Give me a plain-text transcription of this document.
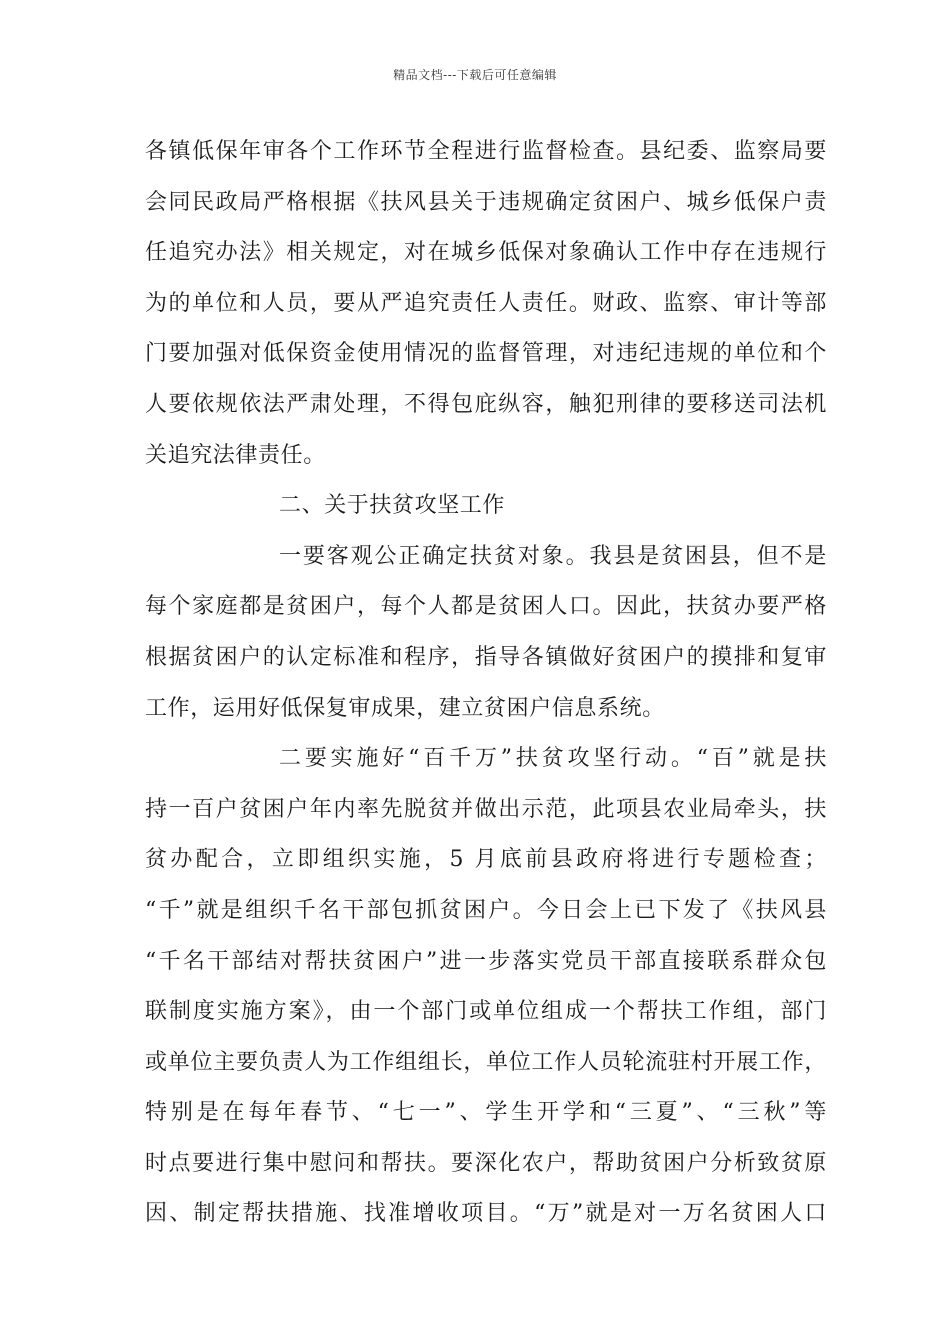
精品文档---下载后可任意编辑
各镇低保年审各个工作环节全程进行监督检查。县纪委、监察局要
会同民政局严格根据《扶风县关于违规确定贫困户、城乡低保户责
任追究办法》相关规定，对在城乡低保对象确认工作中存在违规行
为的单位和人员，要从严追究责任人责任。财政、监察、审计等部
门要加强对低保资金使用情况的监督管理，对违纪违规的单位和个
人要依规依法严肃处理，不得包庇纵容，触犯刑律的要移送司法机
关追究法律责任。
二、关于扶贫攻坚工作
一要客观公正确定扶贫对象。我县是贫困县，但不是
每个家庭都是贫困户，每个人都是贫困人口。因此，扶贫办要严格
根据贫困户的认定标准和程序，指导各镇做好贫困户的摸排和复审
工作，运用好低保复审成果，建立贫困户信息系统。
二要实施好“百千万”扶贫攻坚行动。“百”就是扶
持一百户贫困户年内率先脱贫并做出示范，此项县农业局牵头，扶
贫办配合，立即组织实施，5 月底前县政府将进行专题检查；
“千”就是组织千名干部包抓贫困户。今日会上已下发了《扶风县
“千名干部结对帮扶贫困户”进一步落实党员干部直接联系群众包
联制度实施方案》，由一个部门或单位组成一个帮扶工作组，部门
或单位主要负责人为工作组组长，单位工作人员轮流驻村开展工作，
特别是在每年春节、“七一”、学生开学和“三夏”、“三秋”等
时点要进行集中慰问和帮扶。要深化农户，帮助贫困户分析致贫原
因、制定帮扶措施、找准增收项目。“万”就是对一万名贫困人口
